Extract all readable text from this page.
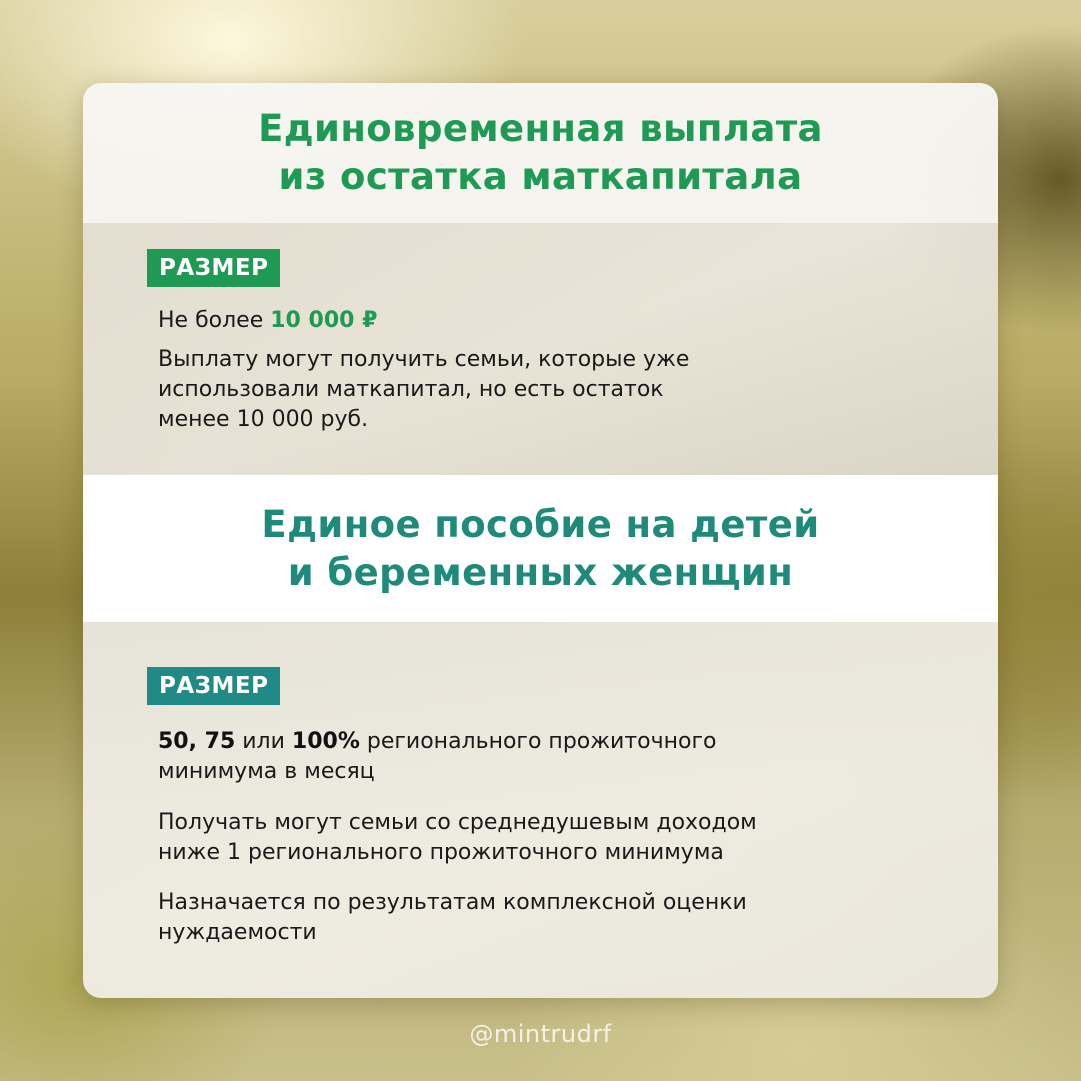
Единовременная выплата
из остатка маткапитала
РАЗМЕР

Не более 10 000 ₽

Выплату могут получить семьи, которые уже
использовали маткапитал, но есть остаток
менее 10 000 руб.

Единое пособие на детей
и беременных женщин
РАЗМЕР

50, 75 или 100% регионального прожиточного
минимума в месяц

Получать могут семьи со среднедушевым доходом
ниже 1 регионального прожиточного минимума

Назначается по результатам комплексной оценки
нуждаемости

@mintrudrf
